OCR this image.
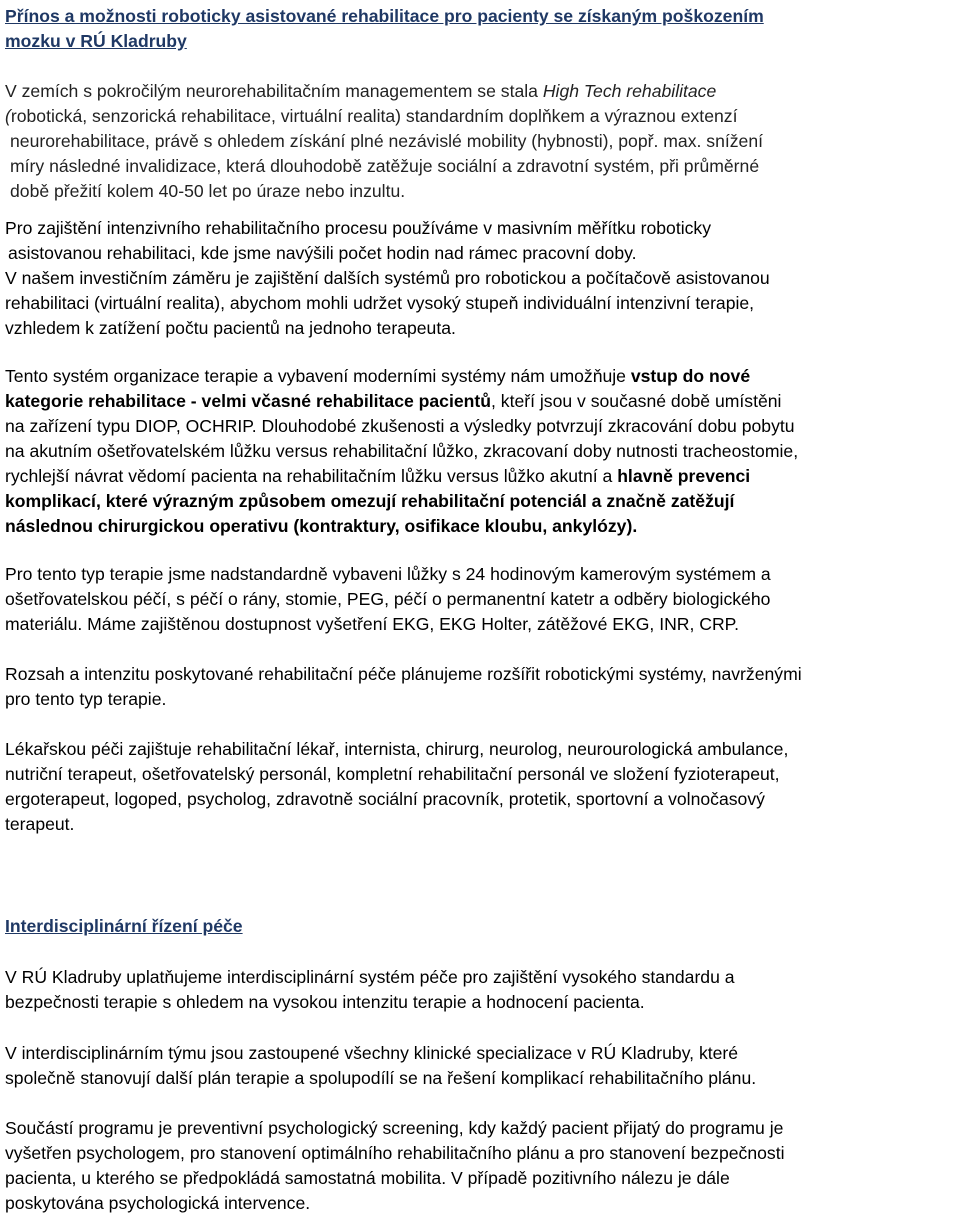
Přínos a možnosti roboticky asistované rehabilitace pro pacienty se získaným poškozením
mozku v RÚ Kladruby

V zemích s pokročilým neurorehabilitačním managementem se stala High Tech rehabilitace
(robotická, senzorická rehabilitace, virtuální realita) standardním doplňkem a výraznou extenzí
neurorehabilitace, právě s ohledem získání plné nezávislé mobility (hybnosti), popř. max. snížení
míry následné invalidizace, která dlouhodobě zatěžuje sociální a zdravotní systém, při průměrné
době přežití kolem 40-50 let po úraze nebo inzultu.

Pro zajištění intenzivního rehabilitačního procesu používáme v masivním měřítku roboticky
asistovanou rehabilitaci, kde jsme navýšili počet hodin nad rámec pracovní doby.
V našem investičním záměru je zajištění dalších systémů pro robotickou a počítačově asistovanou
rehabilitaci (virtuální realita), abychom mohli udržet vysoký stupeň individuální intenzivní terapie,
vzhledem k zatížení počtu pacientů na jednoho terapeuta.

Tento systém organizace terapie a vybavení moderními systémy nám umožňuje vstup do nové
kategorie rehabilitace - velmi včasné rehabilitace pacientů, kteří jsou v současné době umístěni
na zařízení typu DIOP, OCHRIP. Dlouhodobé zkušenosti a výsledky potvrzují zkracování dobu pobytu
na akutním ošetřovatelském lůžku versus rehabilitační lůžko, zkracovaní doby nutnosti tracheostomie,
rychlejší návrat vědomí pacienta na rehabilitačním lůžku versus lůžko akutní a hlavně prevenci
komplikací, které výrazným způsobem omezují rehabilitační potenciál a značně zatěžují
následnou chirurgickou operativu (kontraktury, osifikace kloubu, ankylózy).

Pro tento typ terapie jsme nadstandardně vybaveni lůžky s 24 hodinovým kamerovým systémem a
ošetřovatelskou péčí, s péčí o rány, stomie, PEG, péčí o permanentní katetr a odběry biologického
materiálu. Máme zajištěnou dostupnost vyšetření EKG, EKG Holter, zátěžové EKG, INR, CRP.

Rozsah a intenzitu poskytované rehabilitační péče plánujeme rozšířit robotickými systémy, navrženými
pro tento typ terapie.

Lékařskou péči zajištuje rehabilitační lékař, internista, chirurg, neurolog, neurourologická ambulance,
nutriční terapeut, ošetřovatelský personál, kompletní rehabilitační personál ve složení fyzioterapeut,
ergoterapeut, logoped, psycholog, zdravotně sociální pracovník, protetik, sportovní a volnočasový
terapeut.

Interdisciplinární řízení péče

V RÚ Kladruby uplatňujeme interdisciplinární systém péče pro zajištění vysokého standardu a
bezpečnosti terapie s ohledem na vysokou intenzitu terapie a hodnocení pacienta.

V interdisciplinárním týmu jsou zastoupené všechny klinické specializace v RÚ Kladruby, které
společně stanovují další plán terapie a spolupodílí se na řešení komplikací rehabilitačního plánu.

Součástí programu je preventivní psychologický screening, kdy každý pacient přijatý do programu je
vyšetřen psychologem, pro stanovení optimálního rehabilitačního plánu a pro stanovení bezpečnosti
pacienta, u kterého se předpokládá samostatná mobilita. V případě pozitivního nálezu je dále
poskytována psychologická intervence.
